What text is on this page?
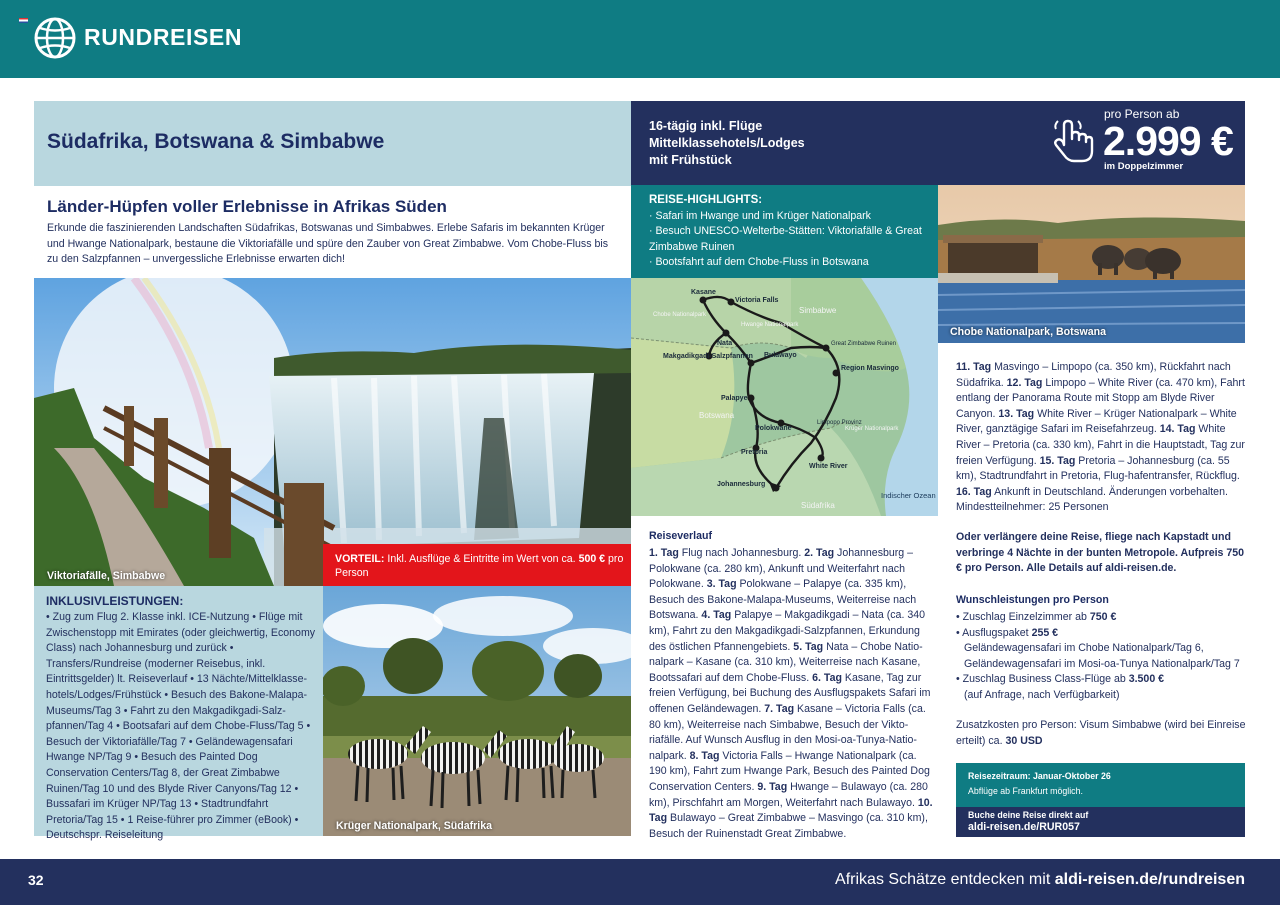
RUNDREISEN
Südafrika, Botswana & Simbabwe
16-tägig inkl. Flüge
Mittelklassehotels/Lodges
mit Frühstück
pro Person ab
2.999 €
im Doppelzimmer
Länder-Hüpfen voller Erlebnisse in Afrikas Süden
Erkunde die faszinierenden Landschaften Südafrikas, Botswanas und Simbabwes. Erlebe Safaris im bekannten Krüger und Hwange Nationalpark, bestaune die Viktoriafälle und spüre den Zauber von Great Zimbabwe. Vom Chobe-Fluss bis zu den Salzpfannen – unvergessliche Erlebnisse erwarten dich!
REISE-HIGHLIGHTS:
· Safari im Hwange und im Krüger Nationalpark
· Besuch UNESCO-Welterbe-Stätten: Viktoriafälle & Great Zimbabwe Ruinen
· Bootsfahrt auf dem Chobe-Fluss in Botswana
Viktoriafälle, Simbabwe
Chobe Nationalpark, Botswana
Kasane
Victoria Falls
Chobe Nationalpark	Simbabwe
Hwange Nationalpark
Makgadikgadi-Salzpfannen
Nata
Bulawayo
Great Zimbabwe Ruinen
Region Masvingo
Palapye
Botswana
Limpopo Provinz
Polokwane	Krüger Nationalpark
Pretoria
White River
Johannesburg
Südafrika
Indischer Ozean
VORTEIL: Inkl. Ausflüge & Eintritte im Wert von ca. 500 € pro Person
INKLUSIVLEISTUNGEN:
• Zug zum Flug 2. Klasse inkl. ICE-Nutzung • Flüge mit Zwischenstopp mit Emirates (oder gleichwertig, Economy Class) nach Johannesburg und zurück • Transfers/Rundreise (moderner Reisebus, inkl. Eintrittsgelder) lt. Reiseverlauf • 13 Nächte/Mittelklasse-hotels/Lodges/Frühstück • Besuch des Bakone-Malapa-Museums/Tag 3 • Fahrt zu den Makgadikgadi-Salz-pfannen/Tag 4 • Bootsafari auf dem Chobe-Fluss/Tag 5 • Besuch der Viktoriafälle/Tag 7 • Geländewagensafari Hwange NP/Tag 9 • Besuch des Painted Dog Conservation Centers/Tag 8, der Great Zimbabwe Ruinen/Tag 10 und des Blyde River Canyons/Tag 12 • Bussafari im Krüger NP/Tag 13 • Stadtrundfahrt Pretoria/Tag 15 • 1 Reise-führer pro Zimmer (eBook) • Deutschspr. Reiseleitung
Krüger Nationalpark, Südafrika
Reiseverlauf
1. Tag Flug nach Johannesburg. 2. Tag Johannesburg – Polokwane (ca. 280 km), Ankunft und Weiterfahrt nach Polokwane. 3. Tag Polokwane – Palapye (ca. 335 km), Besuch des Bakone-Malapa-Museums, Weiterreise nach Botswana. 4. Tag Palapye – Makgadikgadi – Nata (ca. 340 km), Fahrt zu den Makgadikgadi-Salzpfannen, Erkundung des östlichen Pfannengebiets. 5. Tag Nata – Chobe Natio-nalpark – Kasane (ca. 310 km), Weiterreise nach Kasane, Bootssafari auf dem Chobe-Fluss. 6. Tag Kasane, Tag zur freien Verfügung, bei Buchung des Ausflugspakets Safari im offenen Geländewagen. 7. Tag Kasane – Victoria Falls (ca. 80 km), Weiterreise nach Simbabwe, Besuch der Vikto-riafälle. Auf Wunsch Ausflug in den Mosi-oa-Tunya-Natio-nalpark. 8. Tag Victoria Falls – Hwange Nationalpark (ca. 190 km), Fahrt zum Hwange Park, Besuch des Painted Dog Conservation Centers. 9. Tag Hwange – Bulawayo (ca. 280 km), Pirschfahrt am Morgen, Weiterfahrt nach Bulawayo. 10. Tag Bulawayo – Great Zimbabwe – Masvingo (ca. 310 km), Besuch der Ruinenstadt Great Zimbabwe.
11. Tag Masvingo – Limpopo (ca. 350 km), Rückfahrt nach Südafrika. 12. Tag Limpopo – White River (ca. 470 km), Fahrt entlang der Panorama Route mit Stopp am Blyde River Canyon. 13. Tag White River – Krüger Nationalpark – White River, ganztägige Safari im Reisefahrzeug. 14. Tag White River – Pretoria (ca. 330 km), Fahrt in die Hauptstadt, Tag zur freien Verfügung. 15. Tag Pretoria – Johannesburg (ca. 55 km), Stadtrundfahrt in Pretoria, Flug-hafentransfer, Rückflug. 16. Tag Ankunft in Deutschland. Änderungen vorbehalten. Mindestteilnehmer: 25 Personen
Oder verlängere deine Reise, fliege nach Kapstadt und verbringe 4 Nächte in der bunten Metropole. Aufpreis 750 € pro Person. Alle Details auf aldi-reisen.de.
Wunschleistungen pro Person
• Zuschlag Einzelzimmer ab 750 €
• Ausflugspaket 255 €
Geländewagensafari im Chobe Nationalpark/Tag 6,
Geländewagensafari im Mosi-oa-Tunya Nationalpark/Tag 7
• Zuschlag Business Class-Flüge ab 3.500 €
(auf Anfrage, nach Verfügbarkeit)
Zusatzkosten pro Person: Visum Simbabwe (wird bei Einreise erteilt) ca. 30 USD
Reisezeitraum: Januar-Oktober 26
Abflüge ab Frankfurt möglich.
Buche deine Reise direkt auf
aldi-reisen.de/RUR057
32	Afrikas Schätze entdecken mit aldi-reisen.de/rundreisen
